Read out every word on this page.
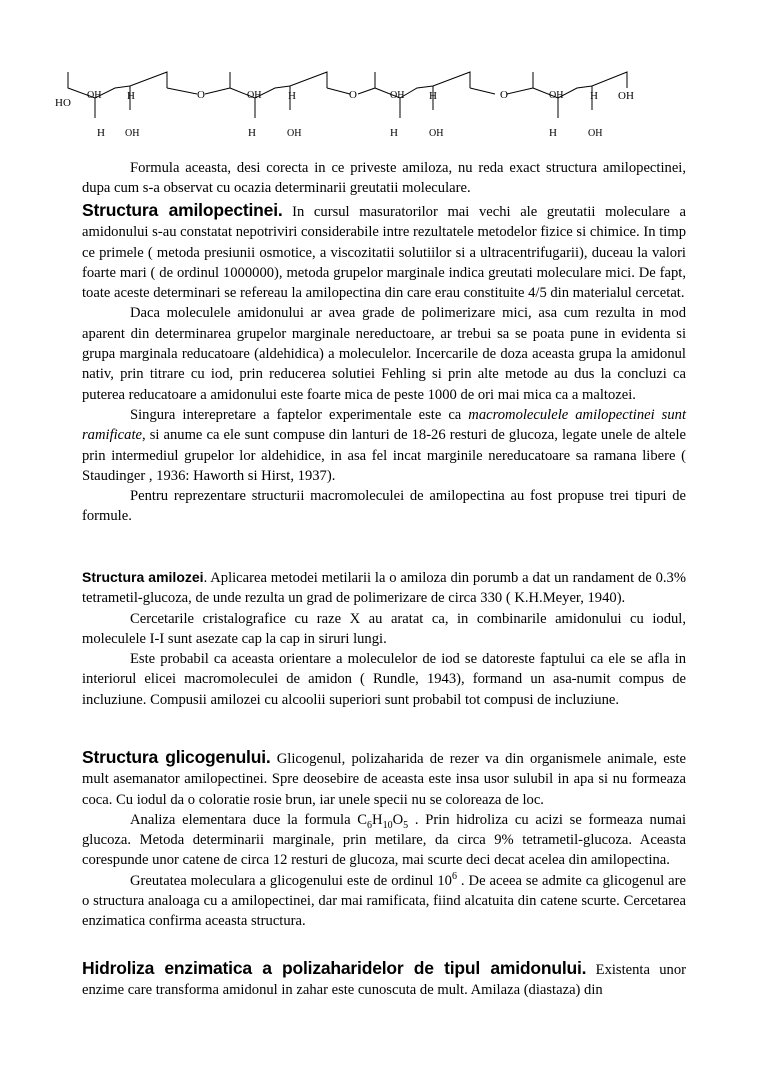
HO
OH H
H OH
O	OH H
H	OH
O	OH H
H	OH
O	OH H OH
H	OH

Formula aceasta, desi corecta in ce priveste amiloza, nu reda exact structura amilopectinei, dupa cum s-a observat cu ocazia determinarii greutatii moleculare.

Structura amilopectinei. In cursul masuratorilor mai vechi ale greutatii moleculare a amidonului s-au constatat nepotriviri considerabile intre rezultatele metodelor fizice si chimice. In timp ce primele ( metoda presiunii osmotice, a viscozitatii solutiilor si a ultracentrifugarii), duceau la valori foarte mari ( de ordinul 1000000), metoda grupelor marginale indica greutati moleculare mici. De fapt, toate aceste determinari se refereau la amilopectina din care erau constituite 4/5 din materialul cercetat.

Daca moleculele amidonului ar avea grade de polimerizare mici, asa cum rezulta in mod aparent din determinarea grupelor marginale nereductoare, ar trebui sa se poata pune in evidenta si grupa marginala reducatoare (aldehidica) a moleculelor. Incercarile de doza aceasta grupa la amidonul nativ, prin titrare cu iod, prin reducerea solutiei Fehling si prin alte metode au dus la concluzi ca puterea reducatoare a amidonului este foarte mica de peste 1000 de ori mai mica ca a maltozei.

Singura interepretare a faptelor experimentale este ca macromoleculele amilopectinei sunt ramificate, si anume ca ele sunt compuse din lanturi de 18-26 resturi de glucoza, legate unele de altele prin intermediul grupelor lor aldehidice, in asa fel incat marginile nereducatoare sa ramana libere ( Staudinger , 1936: Haworth si Hirst, 1937).

Pentru reprezentare structurii macromoleculei de amilopectina au fost propuse trei tipuri de formule.

Structura amilozei. Aplicarea metodei metilarii la o amiloza din porumb a dat un randament de 0.3% tetrametil-glucoza, de unde rezulta un grad de polimerizare de circa 330 ( K.H.Meyer, 1940).

Cercetarile cristalografice cu raze X au aratat ca, in combinarile amidonului cu iodul, moleculele I-I sunt asezate cap la cap in siruri lungi.

Este probabil ca aceasta orientare a moleculelor de iod se datoreste faptului ca ele se afla in interiorul elicei macromoleculei de amidon ( Rundle, 1943), formand un asa-numit compus de incluziune. Compusii amilozei cu alcoolii superiori sunt probabil tot compusi de incluziune.

Structura glicogenului. Glicogenul, polizaharida de rezer va din organismele animale, este mult asemanator amilopectinei. Spre deosebire de aceasta este insa usor sulubil in apa si nu formeaza coca. Cu iodul da o coloratie rosie brun, iar unele specii nu se coloreaza de loc.

Analiza elementara duce la formula $C_6H_{10}O_5$ . Prin hidroliza cu acizi se formeaza numai glucoza. Metoda determinarii marginale, prin metilare, da circa 9% tetrametil-glucoza. Aceasta corespunde unor catene de circa 12 resturi de glucoza, mai scurte deci decat acelea din amilopectina.

Greutatea moleculara a glicogenului este de ordinul $10^6$ . De aceea se admite ca glicogenul are o structura analoaga cu a amilopectinei, dar mai ramificata, fiind alcatuita din catene scurte. Cercetarea enzimatica confirma aceasta structura.

Hidroliza enzimatica a polizaharidelor de tipul amidonului. Existenta unor enzime care transforma amidonul in zahar este cunoscuta de mult. Amilaza (diastaza) din
